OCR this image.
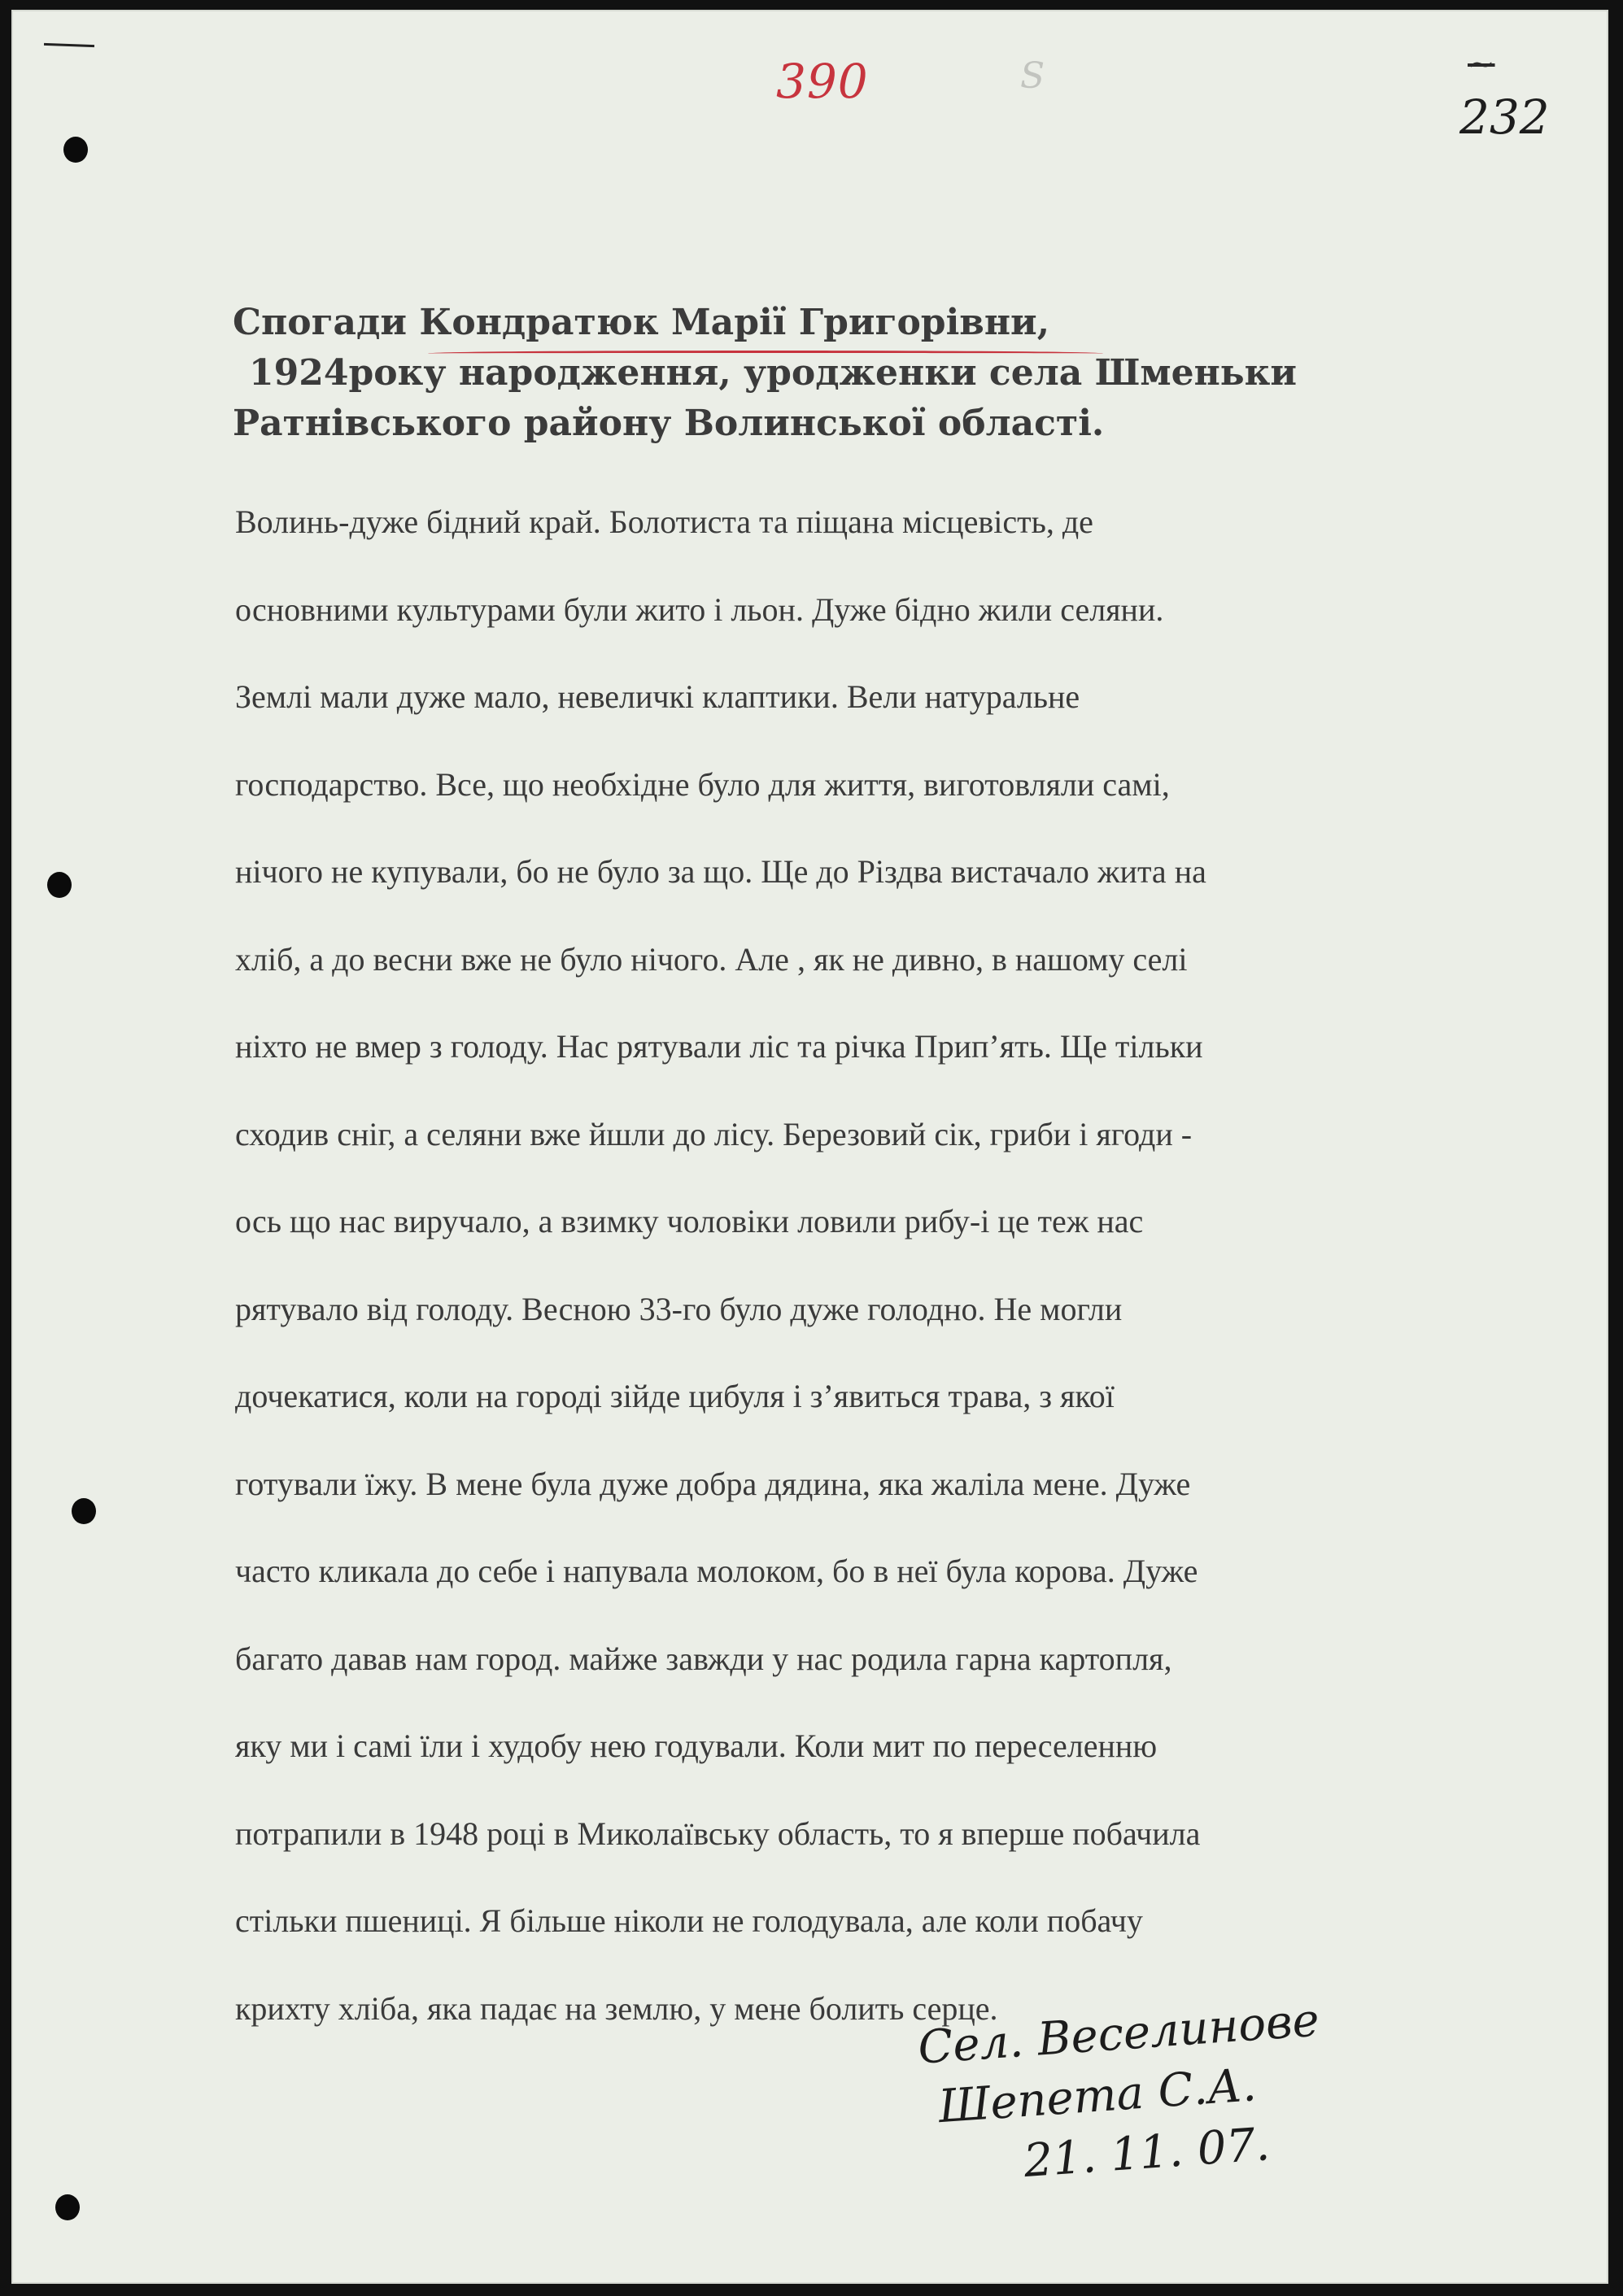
390	S	~
232
Спогади Кондратюк Марії Григорівни,
1924року народження, уродженки села Шменьки
Ратнівського району Волинської області.
Волинь-дуже бідний край. Болотиста та піщана місцевість, де
основними культурами були жито і льон. Дуже бідно жили селяни.
Землі мали дуже мало, невеличкі клаптики. Вели натуральне
господарство. Все, що необхідне було для життя, виготовляли самі,
нічого не купували, бо не було за що. Ще до Різдва вистачало жита на
хліб, а до весни вже не було нічого. Але , як не дивно, в нашому селі
ніхто не вмер з голоду. Нас рятували ліс та річка Прип’ять. Ще тільки
сходив сніг, а селяни вже йшли до лісу. Березовий сік, гриби і ягоди -
ось що нас виручало, а взимку чоловіки ловили рибу-і це теж нас
рятувало від голоду. Весною 33-го було дуже голодно. Не могли
дочекатися, коли на городі зійде цибуля і з’явиться трава, з якої
готували їжу. В мене була дуже добра дядина, яка жаліла мене. Дуже
часто кликала до себе і напувала молоком, бо в неї була корова. Дуже
багато давав нам город. майже завжди у нас родила гарна картопля,
яку ми і самі їли і худобу нею годували. Коли мит по переселенню
потрапили в 1948 році в Миколаївську область, то я вперше побачила
стільки пшениці. Я більше ніколи не голодувала, але коли побачу
крихту хліба, яка падає на землю, у мене болить серце.
Сел. Веселинове
Шепета С.А.
21. 11. 07.
